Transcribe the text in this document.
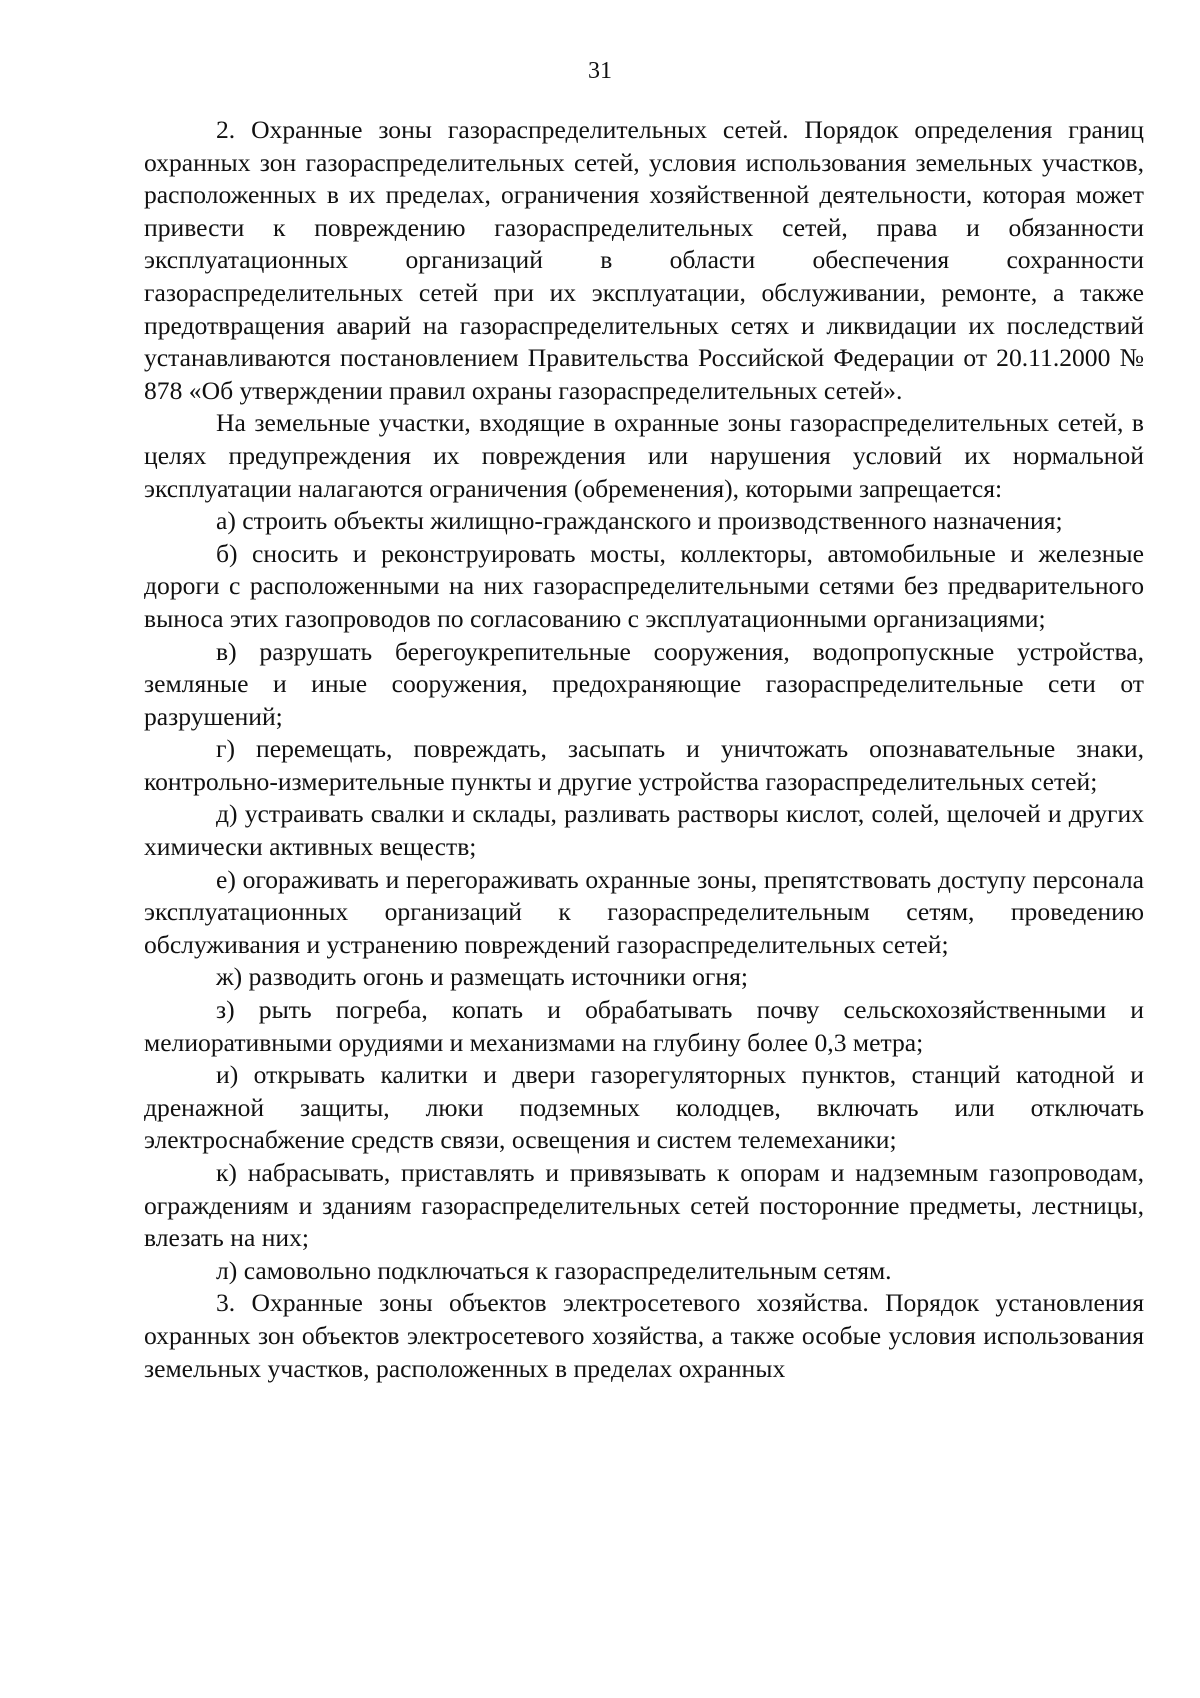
31

2. Охранные зоны газораспределительных сетей. Порядок определения границ охранных зон газораспределительных сетей, условия использования земельных участков, расположенных в их пределах, ограничения хозяйственной деятельности, которая может привести к повреждению газораспределительных сетей, права и обязанности эксплуатационных организаций в области обеспечения сохранности газораспределительных сетей при их эксплуатации, обслуживании, ремонте, а также предотвращения аварий на газораспределительных сетях и ликвидации их последствий устанавливаются постановлением Правительства Российской Федерации от 20.11.2000 № 878 «Об утверждении правил охраны газораспределительных сетей».

На земельные участки, входящие в охранные зоны газораспределительных сетей, в целях предупреждения их повреждения или нарушения условий их нормальной эксплуатации налагаются ограничения (обременения), которыми запрещается:

а) строить объекты жилищно-гражданского и производственного назначения;

б) сносить и реконструировать мосты, коллекторы, автомобильные и железные дороги с расположенными на них газораспределительными сетями без предварительного выноса этих газопроводов по согласованию с эксплуатационными организациями;

в) разрушать берегоукрепительные сооружения, водопропускные устройства, земляные и иные сооружения, предохраняющие газораспределительные сети от разрушений;

г) перемещать, повреждать, засыпать и уничтожать опознавательные знаки, контрольно-измерительные пункты и другие устройства газораспределительных сетей;

д) устраивать свалки и склады, разливать растворы кислот, солей, щелочей и других химически активных веществ;

е) огораживать и перегораживать охранные зоны, препятствовать доступу персонала эксплуатационных организаций к газораспределительным сетям, проведению обслуживания и устранению повреждений газораспределительных сетей;

ж) разводить огонь и размещать источники огня;

з) рыть погреба, копать и обрабатывать почву сельскохозяйственными и мелиоративными орудиями и механизмами на глубину более 0,3 метра;

и) открывать калитки и двери газорегуляторных пунктов, станций катодной и дренажной защиты, люки подземных колодцев, включать или отключать электроснабжение средств связи, освещения и систем телемеханики;

к) набрасывать, приставлять и привязывать к опорам и надземным газопроводам, ограждениям и зданиям газораспределительных сетей посторонние предметы, лестницы, влезать на них;

л) самовольно подключаться к газораспределительным сетям.

3. Охранные зоны объектов электросетевого хозяйства. Порядок установления охранных зон объектов электросетевого хозяйства, а также особые условия использования земельных участков, расположенных в пределах охранных
